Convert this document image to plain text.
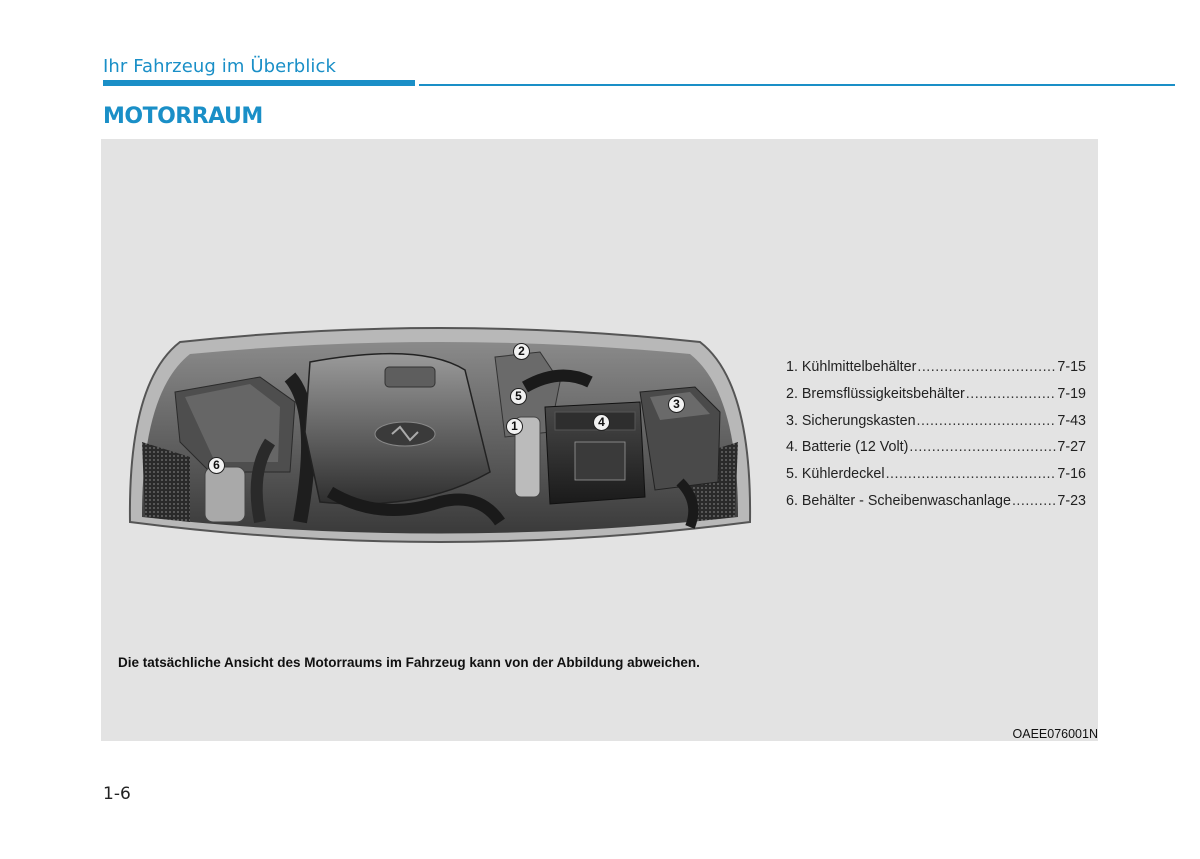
Ihr Fahrzeug im Überblick
MOTORRAUM
1
2
3
4
5
6
1. Kühlmittelbehälter .....	7-15
2. Bremsflüssigkeitsbehälter .....	7-19
3. Sicherungskasten .....	7-43
4. Batterie (12 Volt) .....	7-27
5. Kühlerdeckel .....	7-16
6. Behälter - Scheibenwaschanlage .....	7-23
Die tatsächliche Ansicht des Motorraums im Fahrzeug kann von der Abbildung abweichen.
OAEE076001N
1-6
